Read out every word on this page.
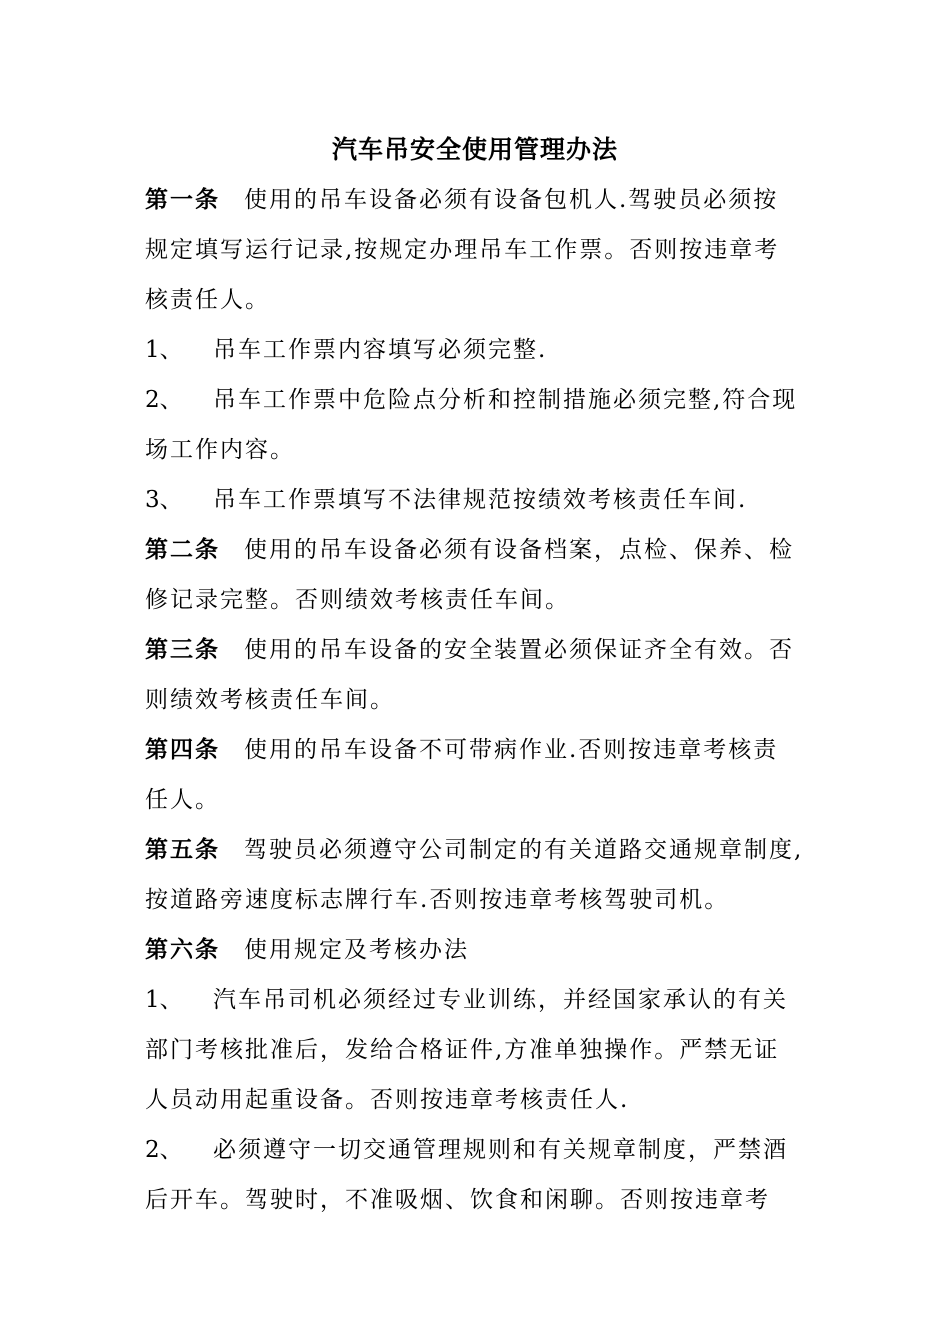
汽车吊安全使用管理办法
第一条 使用的吊车设备必须有设备包机人.驾驶员必须按
规定填写运行记录,按规定办理吊车工作票。否则按违章考
核责任人。
1、 吊车工作票内容填写必须完整.
2、 吊车工作票中危险点分析和控制措施必须完整,符合现
场工作内容。
3、 吊车工作票填写不法律规范按绩效考核责任车间.
第二条 使用的吊车设备必须有设备档案，点检、保养、检
修记录完整。否则绩效考核责任车间。
第三条 使用的吊车设备的安全装置必须保证齐全有效。否
则绩效考核责任车间。
第四条 使用的吊车设备不可带病作业.否则按违章考核责
任人。
第五条 驾驶员必须遵守公司制定的有关道路交通规章制度,
按道路旁速度标志牌行车.否则按违章考核驾驶司机。
第六条 使用规定及考核办法
1、 汽车吊司机必须经过专业训练，并经国家承认的有关
部门考核批准后，发给合格证件,方准单独操作。严禁无证
人员动用起重设备。否则按违章考核责任人.
2、 必须遵守一切交通管理规则和有关规章制度，严禁酒
后开车。驾驶时，不准吸烟、饮食和闲聊。否则按违章考
